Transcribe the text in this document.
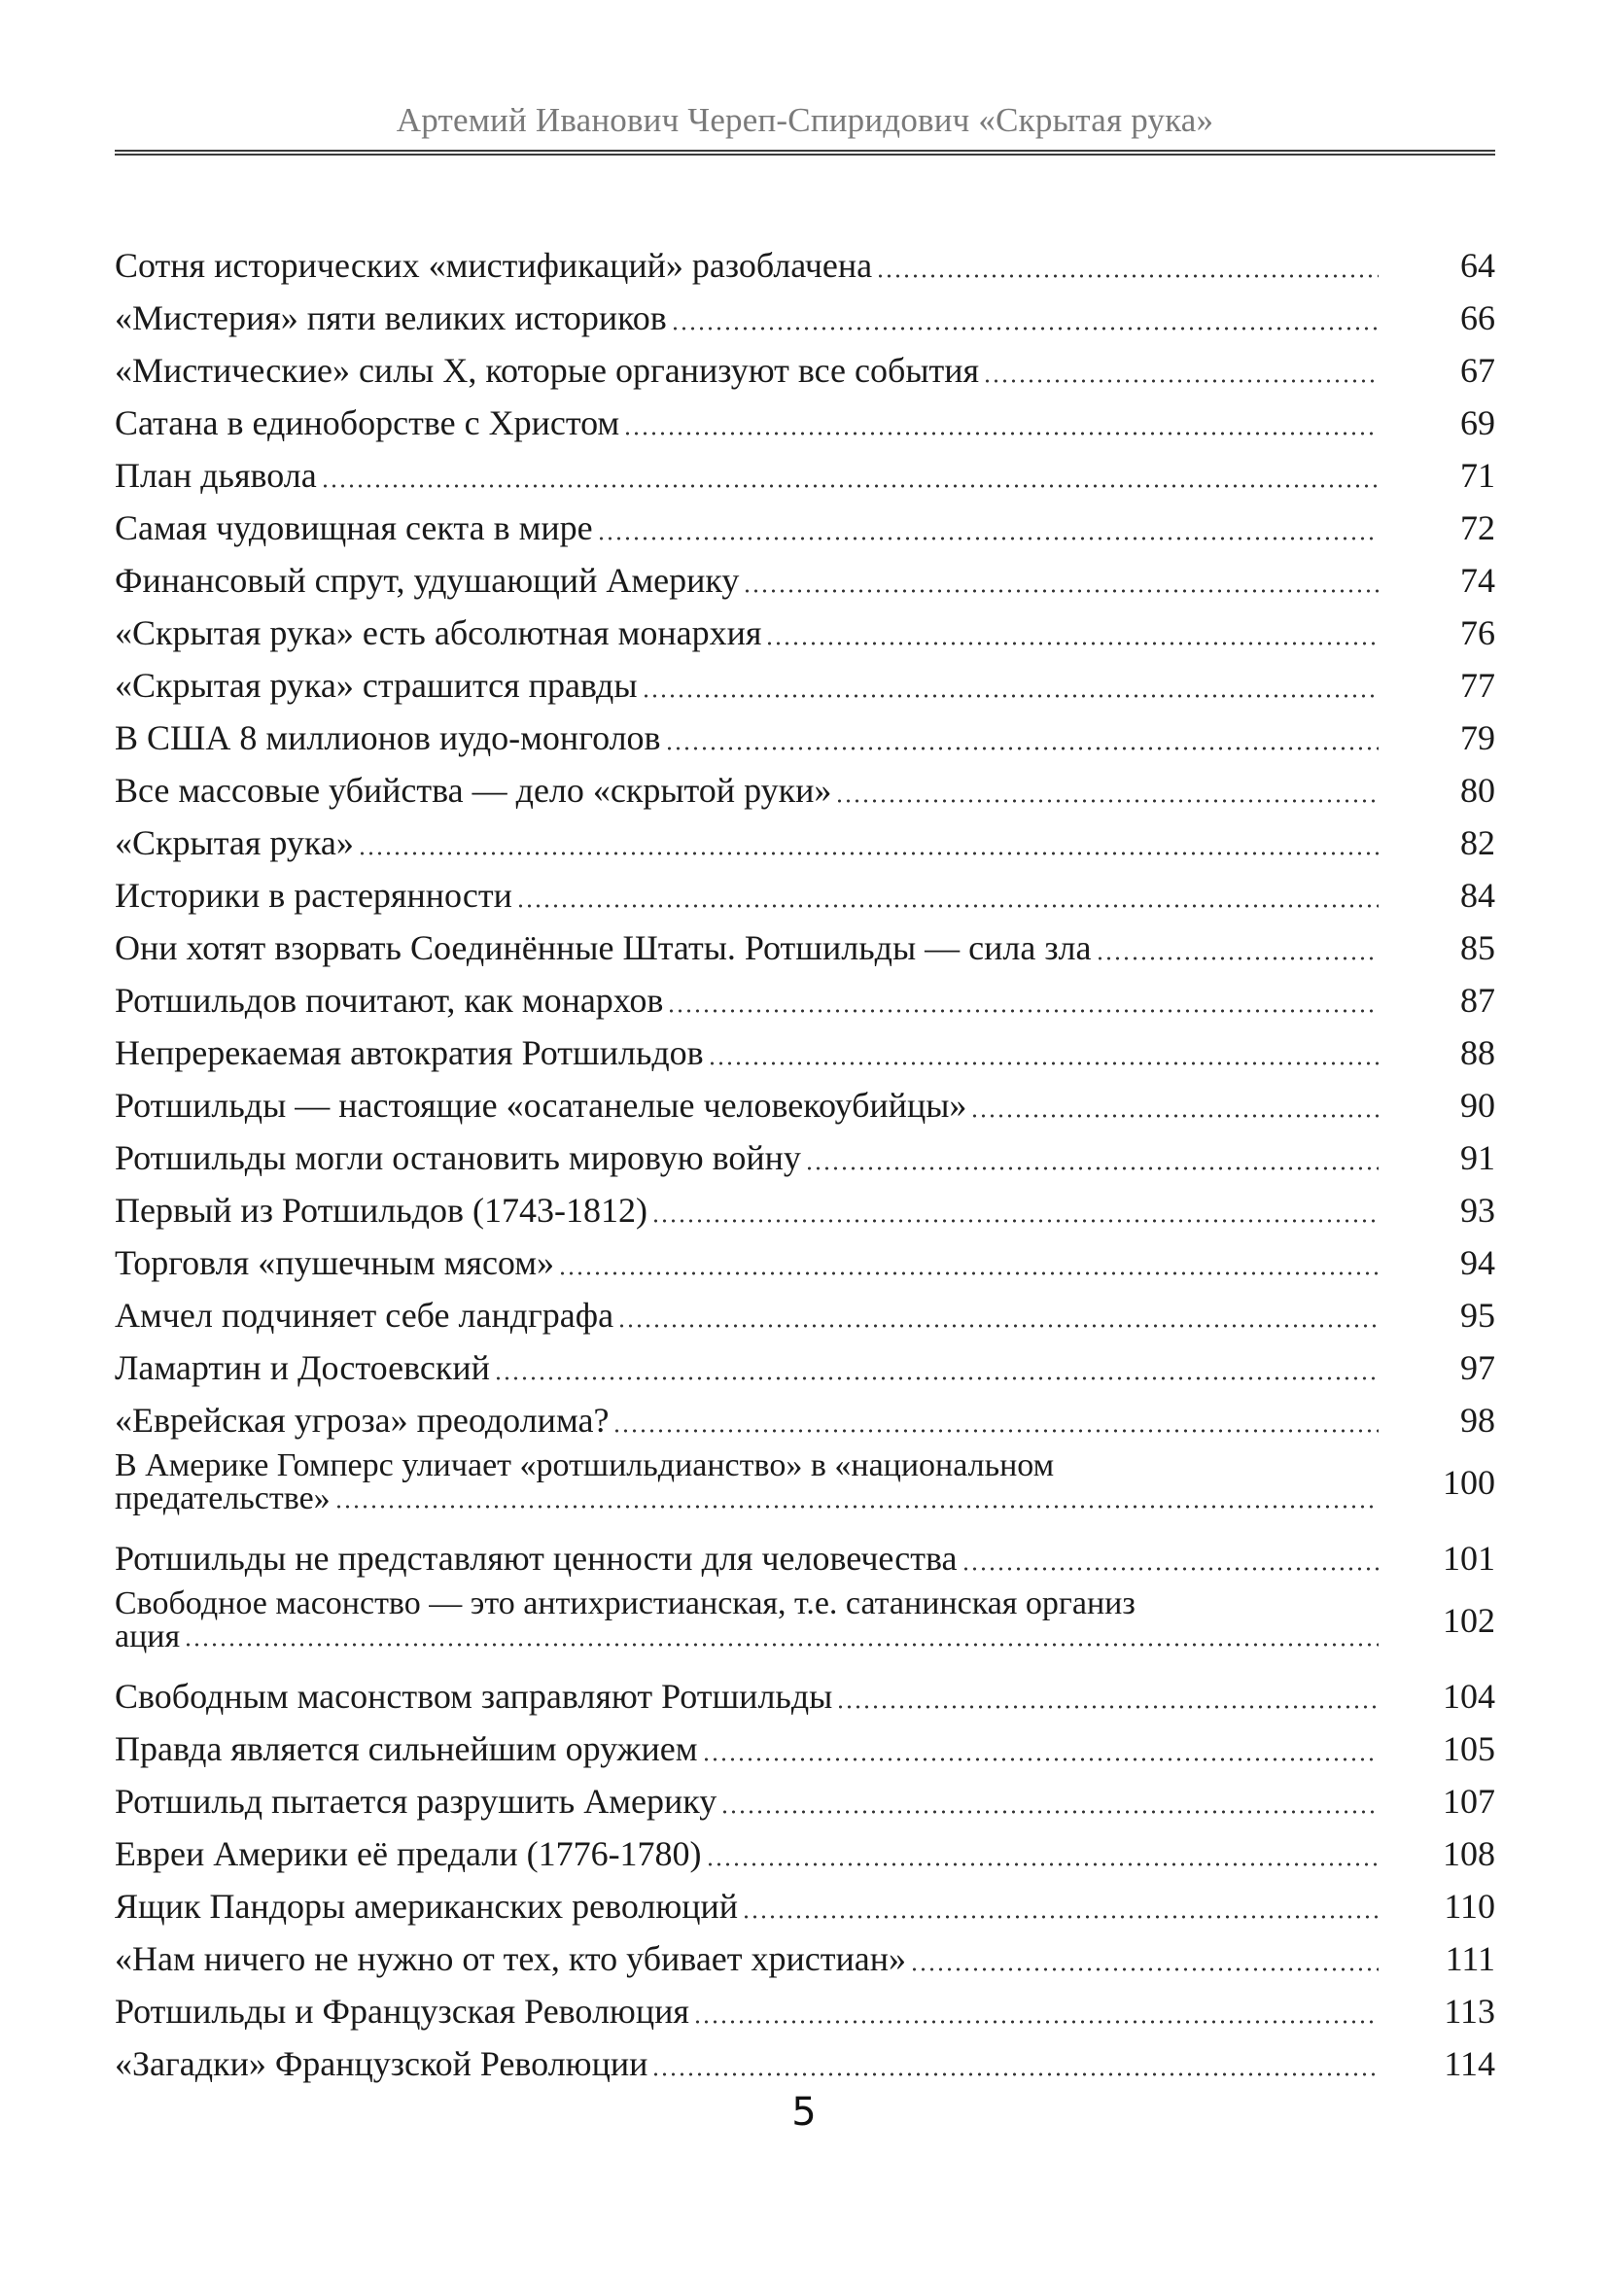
Артемий Иванович Череп-Спиридович «Скрытая рука»
Сотня исторических «мистификаций» разоблачена	64
«Мистерия» пяти великих историков	66
«Мистические» силы Х, которые организуют все события	67
Сатана в единоборстве с Христом	69
План дьявола	71
Самая чудовищная секта в мире	72
Финансовый спрут, удушающий Америку	74
«Скрытая рука» есть абсолютная монархия	76
«Скрытая рука» страшится правды	77
В США 8 миллионов иудо-монголов	79
Все массовые убийства — дело «скрытой руки»	80
«Скрытая рука»	82
Историки в растерянности	84
Они хотят взорвать Соединённые Штаты. Ротшильды — сила зла	85
Ротшильдов почитают, как монархов	87
Непререкаемая автократия Ротшильдов	88
Ротшильды — настоящие «осатанелые человекоубийцы»	90
Ротшильды могли остановить мировую войну	91
Первый из Ротшильдов (1743-1812)	93
Торговля «пушечным мясом»	94
Амчел подчиняет себе ландграфа	95
Ламартин и Достоевский	97
«Еврейская угроза» преодолима?	98
В Америке Гомперс уличает «ротшильдианство» в «национальном
предательстве»	100
Ротшильды не представляют ценности для человечества	101
Свободное масонство — это антихристианская, т.е. сатанинская организ
ация	102
Свободным масонством заправляют Ротшильды	104
Правда является сильнейшим оружием	105
Ротшильд пытается разрушить Америку	107
Евреи Америки её предали (1776-1780)	108
Ящик Пандоры американских революций	110
«Нам ничего не нужно от тех, кто убивает христиан»	111
Ротшильды и Французская Революция	113
«Загадки» Французской Революции	114
5
